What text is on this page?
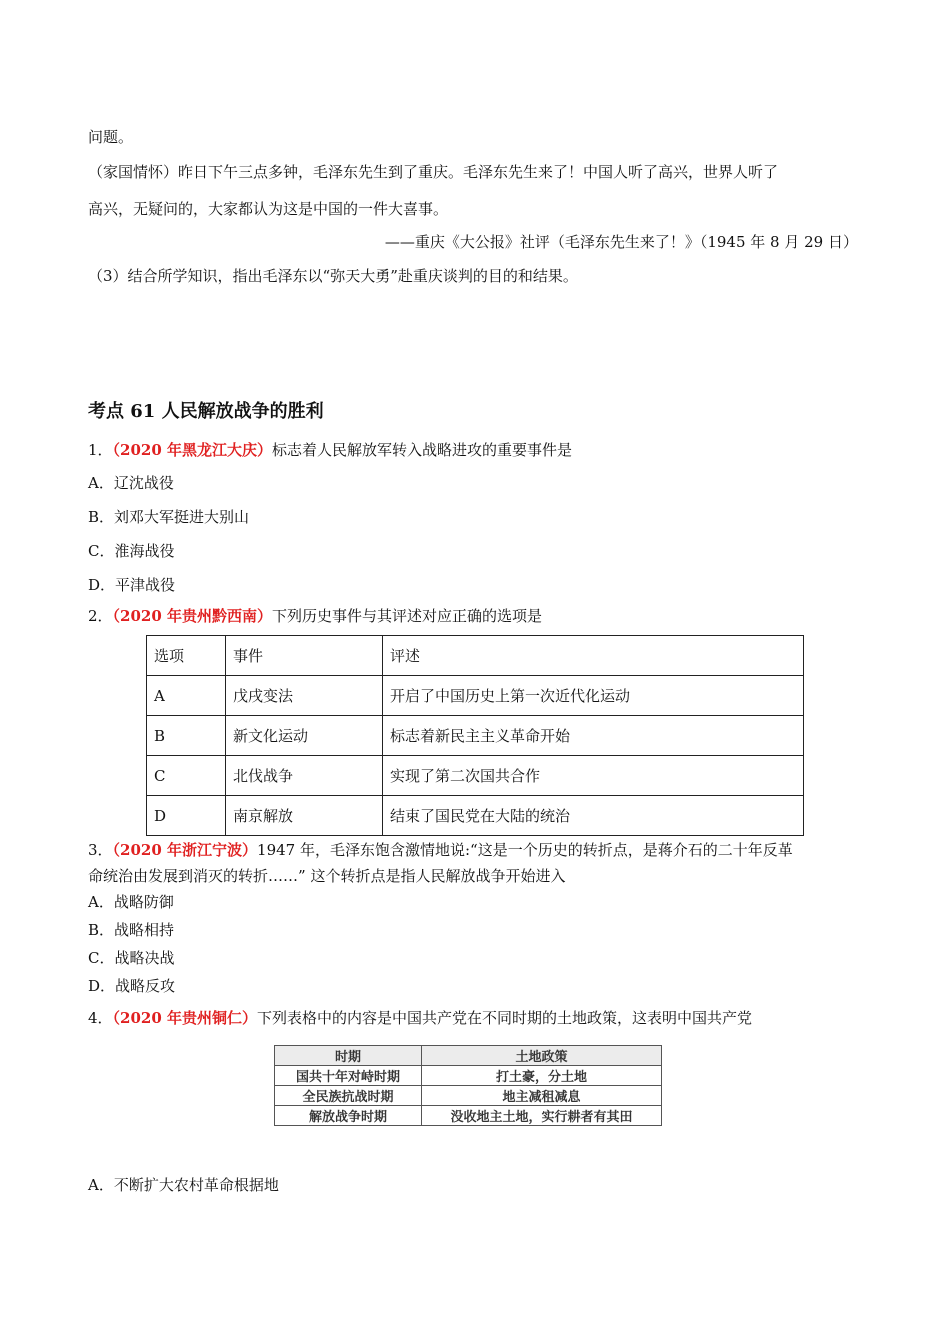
问题。
（家国情怀）昨日下午三点多钟，毛泽东先生到了重庆。毛泽东先生来了！中国人听了高兴，世界人听了
高兴，无疑问的，大家都认为这是中国的一件大喜事。
——重庆《大公报》社评（毛泽东先生来了！》（1945 年 8 月 29 日）
（3）结合所学知识，指出毛泽东以“弥天大勇”赴重庆谈判的目的和结果。
考点 61 人民解放战争的胜利
1．（2020 年黑龙江大庆）标志着人民解放军转入战略进攻的重要事件是
A．辽沈战役
B．刘邓大军挺进大别山
C．淮海战役
D．平津战役
2．（2020 年贵州黔西南）下列历史事件与其评述对应正确的选项是
选项	事件	评述
A	戊戌变法	开启了中国历史上第一次近代化运动
B	新文化运动	标志着新民主主义革命开始
C	北伐战争	实现了第二次国共合作
D	南京解放	结束了国民党在大陆的统治
3．（2020 年浙江宁波）1947 年，毛泽东饱含激情地说:“这是一个历史的转折点，是蒋介石的二十年反革
命统治由发展到消灭的转折……” 这个转折点是指人民解放战争开始进入
A．战略防御
B．战略相持
C．战略决战
D．战略反攻
4．（2020 年贵州铜仁）下列表格中的内容是中国共产党在不同时期的土地政策，这表明中国共产党
时期	土地政策
国共十年对峙时期	打土豪，分土地
全民族抗战时期	地主减租减息
解放战争时期	没收地主土地，实行耕者有其田
A．不断扩大农村革命根据地
